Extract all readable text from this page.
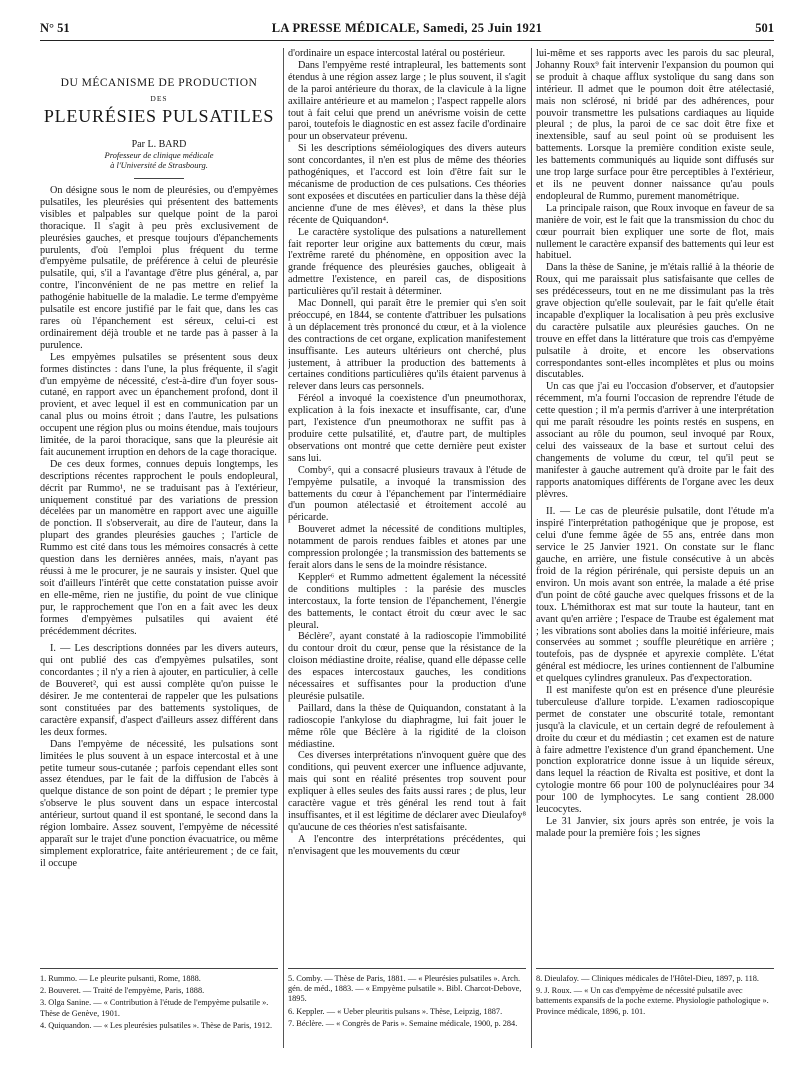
N° 51	LA PRESSE MÉDICALE, Samedi, 25 Juin 1921	501
DU MÉCANISME DE PRODUCTION
DES
PLEURÉSIES PULSATILES
Par L. BARD
Professeur de clinique médicale
à l'Université de Strasbourg.

On désigne sous le nom de pleurésies, ou d'empyèmes pulsatiles, les pleurésies qui présentent des battements visibles et palpables sur quelque point de la paroi thoracique. Il s'agit à peu près exclusivement de pleurésies gauches, et presque toujours d'épanchements purulents, d'où l'emploi plus fréquent du terme d'empyème pulsatile, de préférence à celui de pleurésie pulsatile, qui, s'il a l'avantage d'être plus général, a, par contre, l'inconvénient de ne pas mettre en relief la pathogénie habituelle de la maladie. Le terme d'empyème pulsatile est encore justifié par le fait que, dans les cas rares où l'épanchement est séreux, celui-ci est ordinairement déjà trouble et ne tarde pas à passer à la purulence.

Les empyèmes pulsatiles se présentent sous deux formes distinctes : dans l'une, la plus fréquente, il s'agit d'un empyème de nécessité, c'est-à-dire d'un foyer sous-cutané, en rapport avec un épanchement profond, dont il provient, et avec lequel il est en communication par un canal plus ou moins étroit ; dans l'autre, les pulsations occupent une région plus ou moins étendue, mais toujours limitée, de la paroi thoracique, sans que la pleurésie ait fait aucunement irruption en dehors de la cage thoracique.

De ces deux formes, connues depuis longtemps, les descriptions récentes rapprochent le pouls endopleural, décrit par Rummo¹, ne se traduisant pas à l'extérieur, uniquement constitué par des variations de pression décelées par un manomètre en rapport avec une aiguille de ponction. Il s'observerait, au dire de l'auteur, dans la plupart des grandes pleurésies gauches ; l'article de Rummo est cité dans tous les mémoires consacrés à cette question dans les dernières années, mais, n'ayant pas réussi à me le procurer, je ne saurais y insister. Quel que soit d'ailleurs l'intérêt que cette constatation puisse avoir en elle-même, rien ne justifie, du point de vue clinique pur, le rapprochement que l'on en a fait avec les deux formes d'empyèmes pulsatiles qui avaient été précédemment décrites.

I. — Les descriptions données par les divers auteurs, qui ont publié des cas d'empyèmes pulsatiles, sont concordantes ; il n'y a rien à ajouter, en particulier, à celle de Bouveret², qui est aussi complète qu'on puisse le désirer. Je me contenterai de rappeler que les pulsations sont constituées par des battements systoliques, de caractère expansif, d'aspect d'ailleurs assez différent dans les deux formes.

Dans l'empyème de nécessité, les pulsations sont limitées le plus souvent à un espace intercostal et à une petite tumeur sous-cutanée ; parfois cependant elles sont assez étendues, par le fait de la diffusion de l'abcès à quelque distance de son point de départ ; le premier type s'observe le plus souvent dans un espace intercostal antérieur, surtout quand il est spontané, le second dans la région lombaire. Assez souvent, l'empyème de nécessité apparaît sur le trajet d'une ponction évacuatrice, ou même simplement exploratrice, faite antérieurement ; de ce fait, il occupe

1. Rummo. — Le pleurite pulsanti, Rome, 1888.

2. Bouveret. — Traité de l'empyème, Paris, 1888.

3. Olga Sanine. — « Contribution à l'étude de l'empyème pulsatile ». Thèse de Genève, 1901.

4. Quiquandon. — « Les pleurésies pulsatiles ». Thèse de Paris, 1912.

d'ordinaire un espace intercostal latéral ou postérieur.

Dans l'empyème resté intrapleural, les battements sont étendus à une région assez large ; le plus souvent, il s'agit de la paroi antérieure du thorax, de la clavicule à la ligne axillaire antérieure et au mamelon ; l'aspect rappelle alors tout à fait celui que prend un anévrisme voisin de cette paroi, toutefois le diagnostic en est assez facile d'ordinaire pour un observateur prévenu.

Si les descriptions séméiologiques des divers auteurs sont concordantes, il n'en est plus de même des théories pathogéniques, et l'accord est loin d'être fait sur le mécanisme de production de ces pulsations. Ces théories sont exposées et discutées en particulier dans la thèse déjà ancienne d'une de mes élèves³, et dans la thèse plus récente de Quiquandon⁴.

Le caractère systolique des pulsations a naturellement fait reporter leur origine aux battements du cœur, mais l'extrême rareté du phénomène, en opposition avec la grande fréquence des pleurésies gauches, obligeait à admettre l'existence, en pareil cas, de dispositions particulières qu'il restait à déterminer.

Mac Donnell, qui paraît être le premier qui s'en soit préoccupé, en 1844, se contente d'attribuer les pulsations à un déplacement très prononcé du cœur, et à la violence des contractions de cet organe, explication manifestement insuffisante. Les auteurs ultérieurs ont cherché, plus justement, à attribuer la production des battements à certaines conditions particulières qu'ils étaient parvenus à relever dans leurs cas personnels.

Féréol a invoqué la coexistence d'un pneumothorax, explication à la fois inexacte et insuffisante, car, d'une part, l'existence d'un pneumothorax ne suffit pas à produire cette pulsatilité, et, d'autre part, de multiples observations ont montré que cette dernière peut exister sans lui.

Comby⁵, qui a consacré plusieurs travaux à l'étude de l'empyème pulsatile, a invoqué la transmission des battements du cœur à l'épanchement par l'intermédiaire d'un poumon atélectasié et étroitement accolé au péricarde.

Bouveret admet la nécessité de conditions multiples, notamment de parois rendues faibles et atones par une compression prolongée ; la transmission des battements se ferait alors dans le sens de la moindre résistance.

Keppler⁶ et Rummo admettent également la nécessité de conditions multiples : la parésie des muscles intercostaux, la forte tension de l'épanchement, l'énergie des battements, le contact étroit du cœur avec le sac pleural.

Béclère⁷, ayant constaté à la radioscopie l'immobilité du contour droit du cœur, pense que la résistance de la cloison médiastine droite, réalise, quand elle dépasse celle des espaces intercostaux gauches, les conditions nécessaires et suffisantes pour la production d'une pleurésie pulsatile.

Paillard, dans la thèse de Quiquandon, constatant à la radioscopie l'ankylose du diaphragme, lui fait jouer le même rôle que Béclère à la rigidité de la cloison médiastine.

Ces diverses interprétations n'invoquent guère que des conditions, qui peuvent exercer une influence adjuvante, mais qui sont en réalité présentes trop souvent pour expliquer à elles seules des faits aussi rares ; de plus, leur caractère vague et très général les rend tout à fait insuffisantes, et il est légitime de déclarer avec Dieulafoy⁸ qu'aucune de ces théories n'est satisfaisante.

A l'encontre des interprétations précédentes, qui n'envisagent que les mouvements du cœur

5. Comby. — Thèse de Paris, 1881. — « Pleurésies pulsatiles ». Arch. gén. de méd., 1883. — « Empyème pulsatile ». Bibl. Charcot-Debove, 1895.

6. Keppler. — « Ueber pleuritis pulsans ». Thèse, Leipzig, 1887.

7. Béclère. — « Congrès de Paris ». Semaine médicale, 1900, p. 284.

lui-même et ses rapports avec les parois du sac pleural, Johanny Roux⁹ fait intervenir l'expansion du poumon qui se produit à chaque afflux systolique du sang dans son intérieur. Il admet que le poumon doit être atélectasié, mais non sclérosé, ni bridé par des adhérences, pour pouvoir transmettre les pulsations cardiaques au liquide pleural ; de plus, la paroi de ce sac doit être fixe et inextensible, sauf au seul point où se produisent les battements. Lorsque la première condition existe seule, les battements communiqués au liquide sont diffusés sur une trop large surface pour être perceptibles à l'extérieur, et ils ne peuvent donner naissance qu'au pouls endopleural de Rummo, purement manométrique.

La principale raison, que Roux invoque en faveur de sa manière de voir, est le fait que la transmission du choc du cœur pourrait bien expliquer une sorte de flot, mais nullement le caractère expansif des battements qui leur est habituel.

Dans la thèse de Sanine, je m'étais rallié à la théorie de Roux, qui me paraissait plus satisfaisante que celles de ses prédécesseurs, tout en ne me dissimulant pas la très grave objection qu'elle soulevait, par le fait qu'elle était incapable d'expliquer la localisation à peu près exclusive du caractère pulsatile aux pleurésies gauches. On ne trouve en effet dans la littérature que trois cas d'empyème pulsatile à droite, et encore les observations correspondantes sont-elles incomplètes et plus ou moins discutables.

Un cas que j'ai eu l'occasion d'observer, et d'autopsier récemment, m'a fourni l'occasion de reprendre l'étude de cette question ; il m'a permis d'arriver à une interprétation qui me paraît résoudre les points restés en suspens, en associant au rôle du poumon, seul invoqué par Roux, celui des vaisseaux de la base et surtout celui des changements de volume du cœur, tel qu'il peut se manifester à gauche autrement qu'à droite par le fait des rapports anatomiques différents de l'organe avec les deux plèvres.

II. — Le cas de pleurésie pulsatile, dont l'étude m'a inspiré l'interprétation pathogénique que je propose, est celui d'une femme âgée de 55 ans, entrée dans mon service le 25 Janvier 1921. On constate sur le flanc gauche, en arrière, une fistule consécutive à un abcès froid de la région périrénale, qui persiste depuis un an environ. Un mois avant son entrée, la malade a été prise d'un point de côté gauche avec quelques frissons et de la toux. L'hémithorax est mat sur toute la hauteur, tant en avant qu'en arrière ; l'espace de Traube est également mat ; les vibrations sont abolies dans la moitié inférieure, mais conservées au sommet ; souffle pleurétique en arrière ; toutefois, pas de dyspnée et apyrexie complète. L'état général est médiocre, les urines contiennent de l'albumine et quelques cylindres granuleux. Pas d'expectoration.

Il est manifeste qu'on est en présence d'une pleurésie tuberculeuse d'allure torpide. L'examen radioscopique permet de constater une obscurité totale, remontant jusqu'à la clavicule, et un certain degré de refoulement à droite du cœur et du médiastin ; cet examen est de nature à faire admettre l'existence d'un grand épanchement. Une ponction exploratrice donne issue à un liquide séreux, dans lequel la réaction de Rivalta est positive, et dont la cytologie montre 66 pour 100 de polynucléaires pour 34 pour 100 de lymphocytes. Le sang contient 28.000 leucocytes.

Le 31 Janvier, six jours après son entrée, je vois la malade pour la première fois ; les signes

8. Dieulafoy. — Cliniques médicales de l'Hôtel-Dieu, 1897, p. 118.

9. J. Roux. — « Un cas d'empyème de nécessité pulsatile avec battements expansifs de la poche externe. Physiologie pathologique ». Province médicale, 1896, p. 101.
